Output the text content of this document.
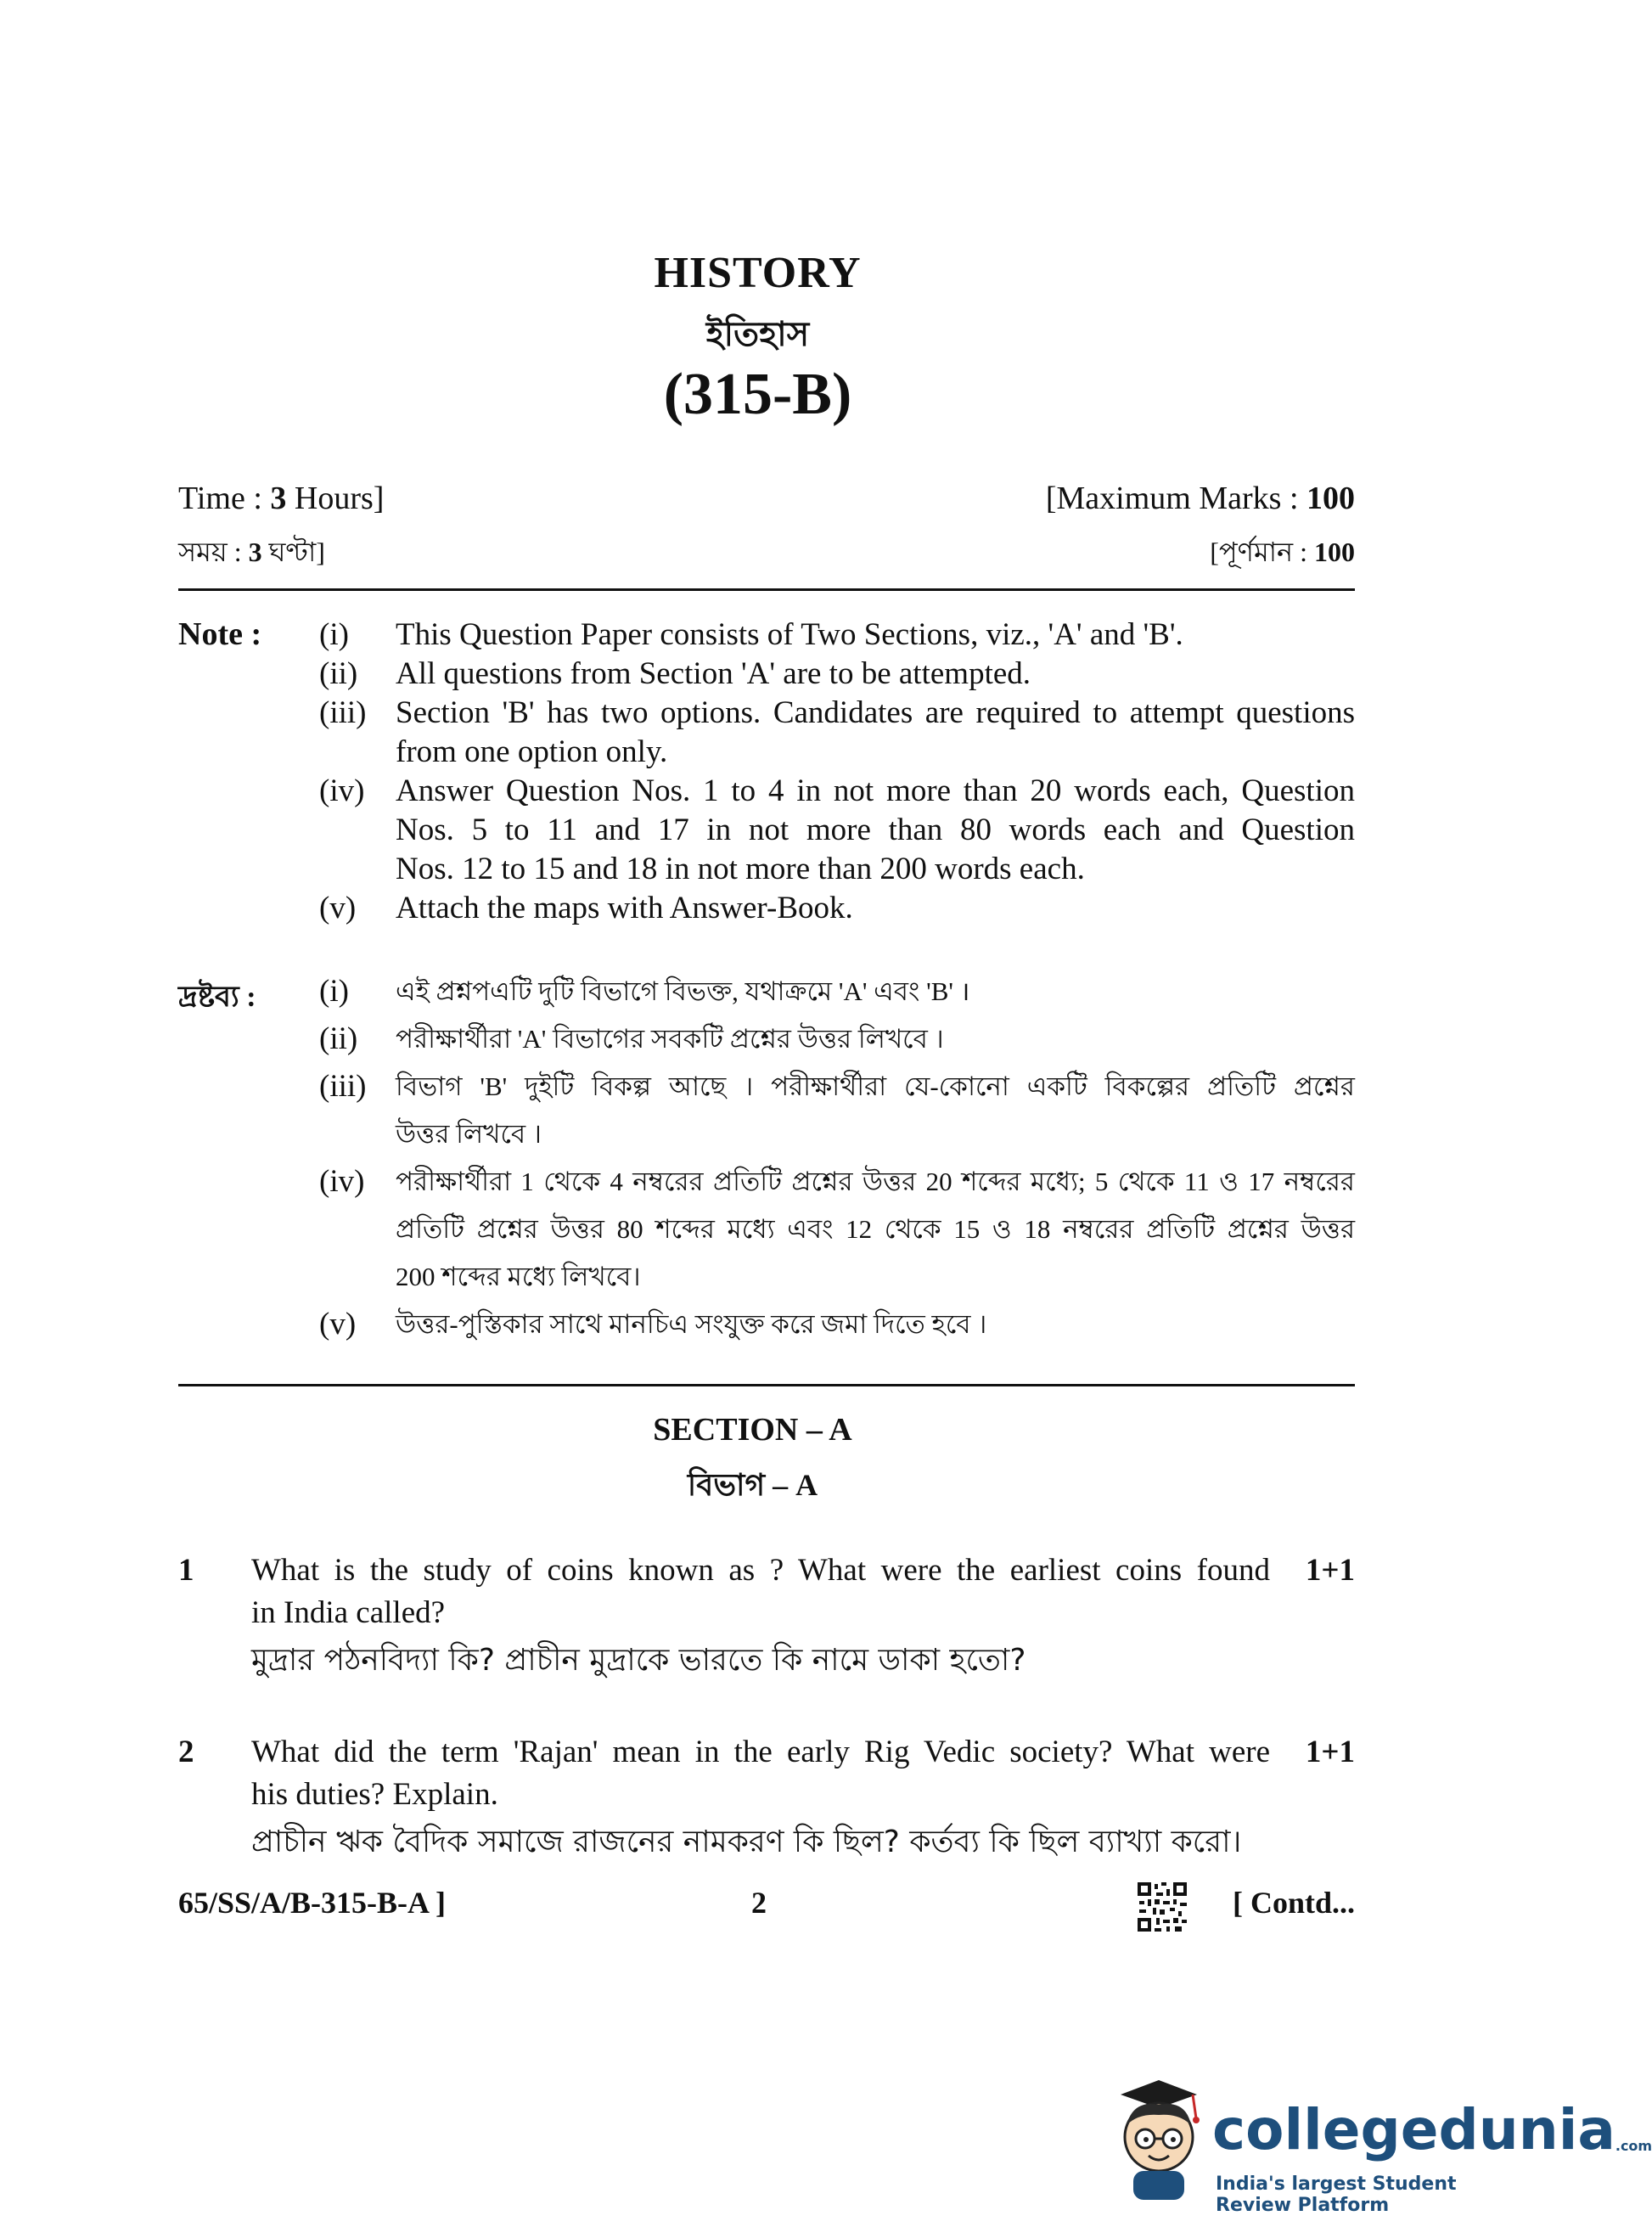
HISTORY
ইতিহাস
(315-B)
Time : 3 Hours]
সময় : 3 ঘণ্টা]
[Maximum Marks : 100
[পূর্ণমান : 100
Note : (i) This Question Paper consists of Two Sections, viz., 'A' and 'B'.
(ii) All questions from Section 'A' are to be attempted.
(iii) Section 'B' has two options. Candidates are required to attempt questions
from one option only.
(iv) Answer Question Nos. 1 to 4 in not more than 20 words each, Question
Nos. 5 to 11 and 17 in not more than 80 words each and Question
Nos. 12 to 15 and 18 in not more than 200 words each.
(v) Attach the maps with Answer-Book.
দ্রষ্টব্য : (i) এই প্রশ্নপএটি দুটি বিভাগে বিভক্ত, যথাক্রমে 'A' এবং 'B' ।
(ii) পরীক্ষার্থীরা 'A' বিভাগের সবকটি প্রশ্নের উত্তর লিখবে ।
(iii) বিভাগ 'B' দুইটি বিকল্প আছে । পরীক্ষার্থীরা যে-কোনো একটি বিকল্পের প্রতিটি প্রশ্নের
উত্তর লিখবে ।
(iv) পরীক্ষার্থীরা 1 থেকে 4 নম্বরের প্রতিটি প্রশ্নের উত্তর 20 শব্দের মধ্যে; 5 থেকে 11 ও 17 নম্বরের
প্রতিটি প্রশ্নের উত্তর 80 শব্দের মধ্যে এবং 12 থেকে 15 ও 18 নম্বরের প্রতিটি প্রশ্নের উত্তর
200 শব্দের মধ্যে লিখবে।
(v) উত্তর-পুস্তিকার সাথে মানচিএ সংযুক্ত করে জমা দিতে হবে ।
SECTION – A
বিভাগ – A
1	1+1
What is the study of coins known as ? What were the earliest coins found
in India called?
মুদ্রার পঠনবিদ্যা কি? প্রাচীন মুদ্রাকে ভারতে কি নামে ডাকা হতো?
2	1+1
What did the term 'Rajan' mean in the early Rig Vedic society? What were
his duties? Explain.
প্রাচীন ঋক বৈদিক সমাজে রাজনের নামকরণ কি ছিল? কর্তব্য কি ছিল ব্যাখ্যা করো।
65/SS/A/B-315-B-A ]	2	[ Contd...
collegedunia.com
India's largest Student Review Platform
